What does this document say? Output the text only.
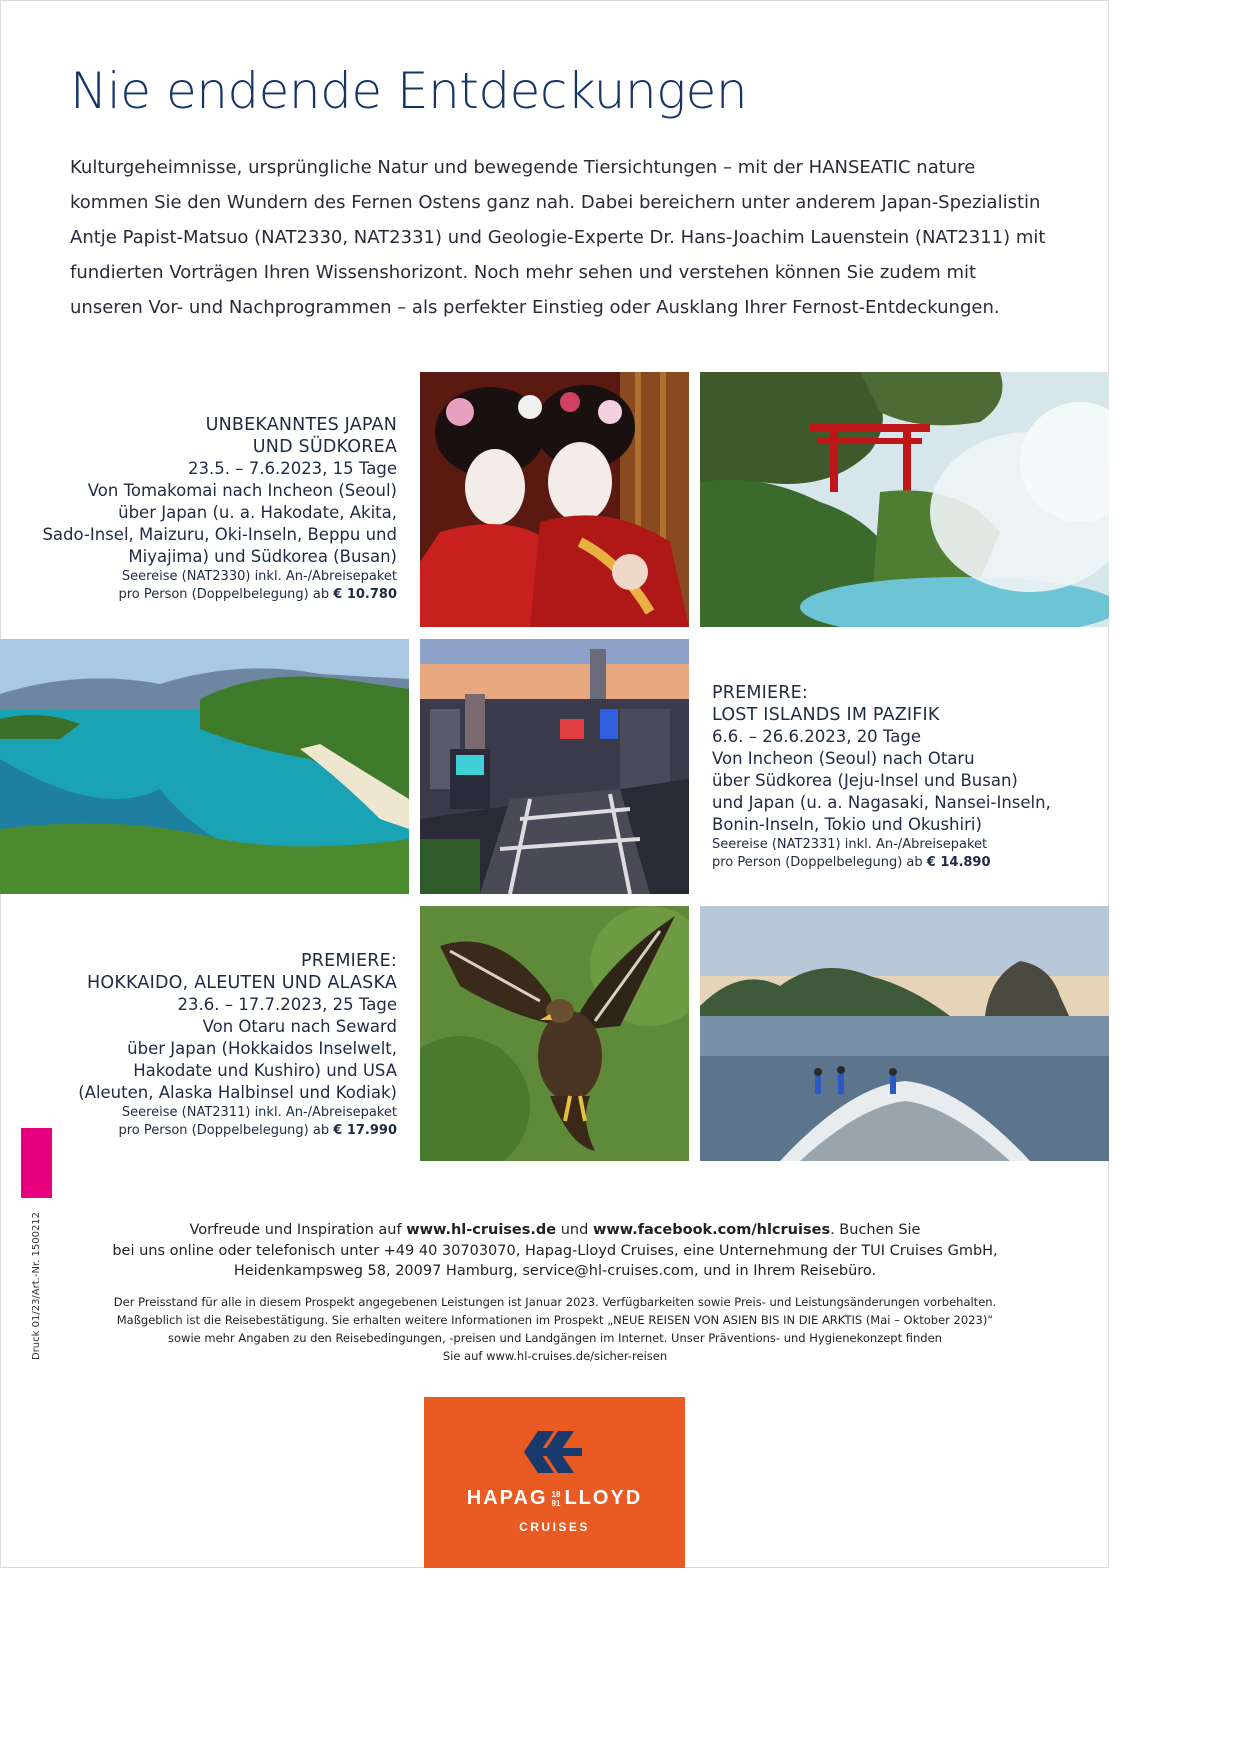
Nie endende Entdeckungen

Kulturgeheimnisse, ursprüngliche Natur und bewegende Tiersichtungen – mit der HANSEATIC nature kommen Sie den Wundern des Fernen Ostens ganz nah. Dabei bereichern unter anderem Japan-Spezialistin Antje Papist-Matsuo (NAT2330, NAT2331) und Geologie-Experte Dr. Hans-Joachim Lauenstein (NAT2311) mit fundierten Vorträgen Ihren Wissenshorizont. Noch mehr sehen und verstehen können Sie zudem mit unseren Vor- und Nachprogrammen – als perfekter Einstieg oder Ausklang Ihrer Fernost-Entdeckungen.

UNBEKANNTES JAPAN
UND SÜDKOREA
23.5. – 7.6.2023, 15 Tage
Von Tomakomai nach Incheon (Seoul)
über Japan (u. a. Hakodate, Akita,
Sado-Insel, Maizuru, Oki-Inseln, Beppu und
Miyajima) und Südkorea (Busan)
Seereise (NAT2330) inkl. An-/Abreisepaket
pro Person (Doppelbelegung) ab € 10.780
PREMIERE:
LOST ISLANDS IM PAZIFIK
6.6. – 26.6.2023, 20 Tage
Von Incheon (Seoul) nach Otaru
über Südkorea (Jeju-Insel und Busan)
und Japan (u. a. Nagasaki, Nansei-Inseln,
Bonin-Inseln, Tokio und Okushiri)
Seereise (NAT2331) inkl. An-/Abreisepaket
pro Person (Doppelbelegung) ab € 14.890
PREMIERE:
HOKKAIDO, ALEUTEN UND ALASKA
23.6. – 17.7.2023, 25 Tage
Von Otaru nach Seward
über Japan (Hokkaidos Inselwelt,
Hakodate und Kushiro) und USA
(Aleuten, Alaska Halbinsel und Kodiak)
Seereise (NAT2311) inkl. An-/Abreisepaket
pro Person (Doppelbelegung) ab € 17.990
Druck 01/23/Art.-Nr. 1500212	Vorfreude und Inspiration auf www.hl-cruises.de und www.facebook.com/hlcruises. Buchen Sie
bei uns online oder telefonisch unter +49 40 30703070, Hapag-Lloyd Cruises, eine Unternehmung der TUI Cruises GmbH,
Heidenkampsweg 58, 20097 Hamburg, service@hl-cruises.com, und in Ihrem Reisebüro.
Der Preisstand für alle in diesem Prospekt angegebenen Leistungen ist Januar 2023. Verfügbarkeiten sowie Preis- und Leistungsänderungen vorbehalten.
Maßgeblich ist die Reisebestätigung. Sie erhalten weitere Informationen im Prospekt „NEUE REISEN VON ASIEN BIS IN DIE ARKTIS (Mai – Oktober 2023)“
sowie mehr Angaben zu den Reisebedingungen, -preisen und Landgängen im Internet. Unser Präventions- und Hygienekonzept finden
Sie auf www.hl-cruises.de/sicher-reisen
HAPAG 18
91 LLOYD
CRUISES
